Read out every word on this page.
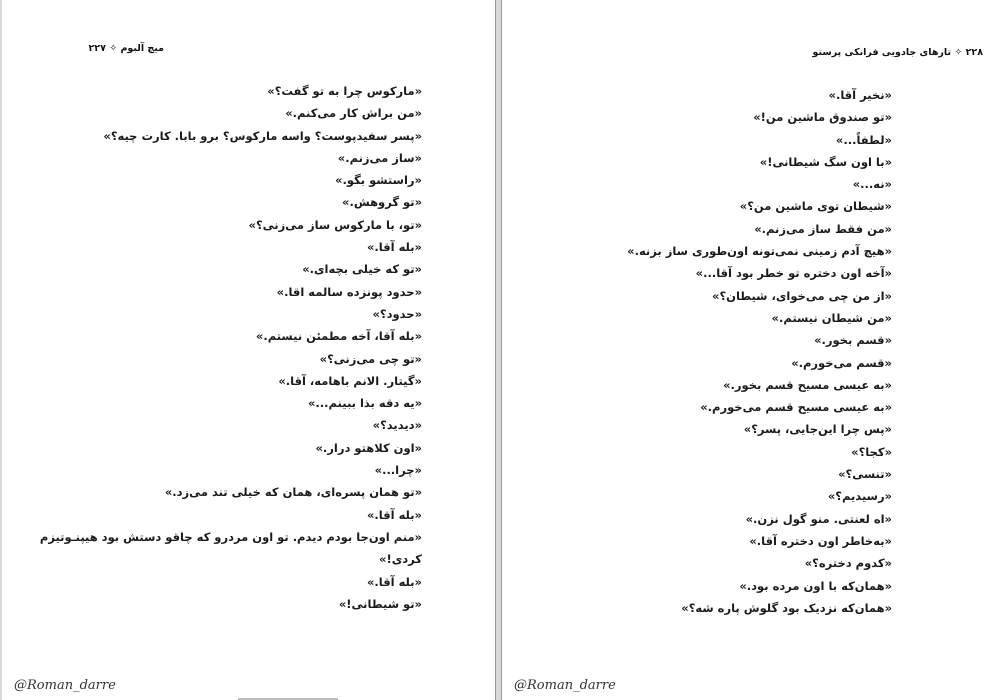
میچ آلبوم ✧ ۲۲۷
«مارکوس چرا به تو گفت؟»
«من براش کار می‌کنم.»
«پسر سفیدپوست؟ واسه مارکوس؟ برو بابا. کارت چیه؟»
«ساز می‌زنم.»
«راستشو بگو.»
«تو گروهش.»
«تو، با مارکوس ساز می‌زنی؟»
«بله آقا.»
«تو که خیلی بچه‌ای.»
«حدود پونزده سالمه اقا.»
«حدود؟»
«بله آقا، آخه مطمئن نیستم.»
«تو چی می‌زنی؟»
«گیتار. الانم باهامه، آقا.»
«یه دقه بذا ببینم...»
«دیدید؟»
«اون کلاهتو درار.»
«چرا...»
«تو همان پسره‌ای، همان که خیلی تند می‌زد.»
«بله آقا.»
«منم اون‌جا بودم دیدم. تو اون مردرو که چاقو دستش بود هیپنـوتیزم
کردی!»
«بله آقا.»
«تو شیطانی!»
@Roman_darre
۲۲۸ ✧ تارهای جادویی فرانکی پرستو
«نخیر آقا.»
«تو صندوق ماشین من!»
«لطفاً...»
«با اون سگ شیطانی!»
«نه...»
«شیطان توی ماشین من؟»
«من فقط ساز می‌زنم.»
«هیچ آدم زمینی نمی‌تونه اون‌طوری ساز بزنه.»
«آخه اون دختره تو خطر بود آقا...»
«از من چی می‌خوای، شیطان؟»
«من شیطان نیستم.»
«قسم بخور.»
«قسم می‌خورم.»
«به عیسی مسیح قسم بخور.»
«به عیسی مسیح قسم می‌خورم.»
«پس چرا این‌جایی، پسر؟»
«کجا؟»
«تنسی؟»
«رسیدیم؟»
«اه لعنتی. منو گول نزن.»
«به‌خاطر اون دختره آقا.»
«کدوم دختره؟»
«همان‌که با اون مرده بود.»
«همان‌که نزدیک بود گلوش پاره شه؟»
@Roman_darre
